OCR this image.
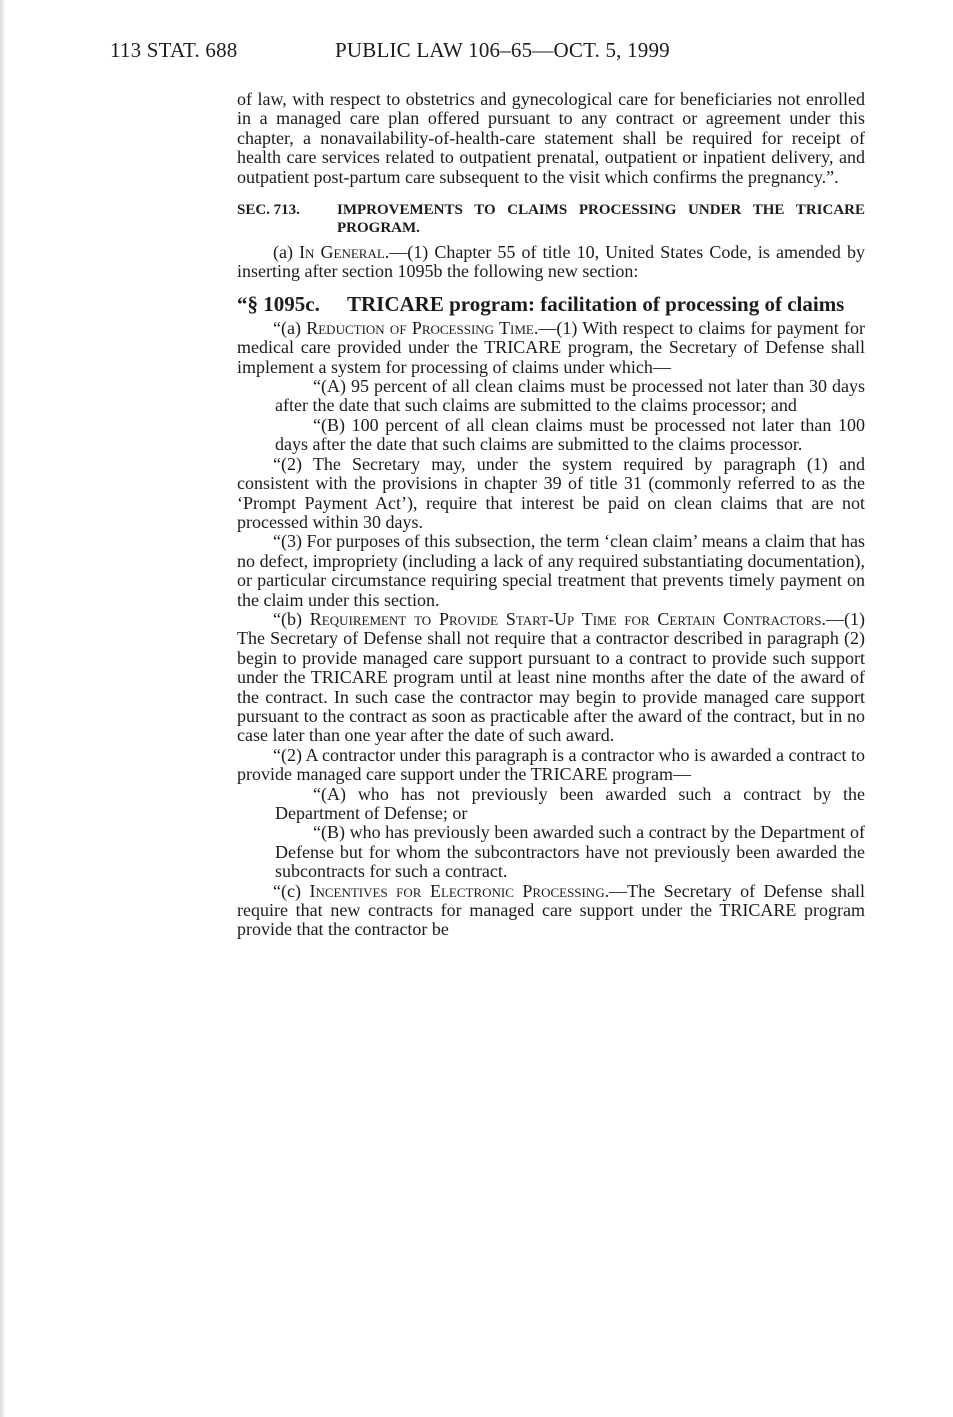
113 STAT. 688	PUBLIC LAW 106–65—OCT. 5, 1999

of law, with respect to obstetrics and gynecological care for beneficiaries not enrolled in a managed care plan offered pursuant to any contract or agreement under this chapter, a nonavailability-of-health-care statement shall be required for receipt of health care services related to outpatient prenatal, outpatient or inpatient delivery, and outpatient post-partum care subsequent to the visit which confirms the pregnancy.”.

SEC. 713. IMPROVEMENTS TO CLAIMS PROCESSING UNDER THE TRICARE PROGRAM.

(a) In General.—(1) Chapter 55 of title 10, United States Code, is amended by inserting after section 1095b the following new section:

“§ 1095c. TRICARE program: facilitation of processing of claims

“(a) Reduction of Processing Time.—(1) With respect to claims for payment for medical care provided under the TRICARE program, the Secretary of Defense shall implement a system for processing of claims under which—

“(A) 95 percent of all clean claims must be processed not later than 30 days after the date that such claims are submitted to the claims processor; and

“(B) 100 percent of all clean claims must be processed not later than 100 days after the date that such claims are submitted to the claims processor.

“(2) The Secretary may, under the system required by paragraph (1) and consistent with the provisions in chapter 39 of title 31 (commonly referred to as the ‘Prompt Payment Act’), require that interest be paid on clean claims that are not processed within 30 days.

“(3) For purposes of this subsection, the term ‘clean claim’ means a claim that has no defect, impropriety (including a lack of any required substantiating documentation), or particular circumstance requiring special treatment that prevents timely payment on the claim under this section.

“(b) Requirement to Provide Start-Up Time for Certain Contractors.—(1) The Secretary of Defense shall not require that a contractor described in paragraph (2) begin to provide managed care support pursuant to a contract to provide such support under the TRICARE program until at least nine months after the date of the award of the contract. In such case the contractor may begin to provide managed care support pursuant to the contract as soon as practicable after the award of the contract, but in no case later than one year after the date of such award.

“(2) A contractor under this paragraph is a contractor who is awarded a contract to provide managed care support under the TRICARE program—

“(A) who has not previously been awarded such a contract by the Department of Defense; or

“(B) who has previously been awarded such a contract by the Department of Defense but for whom the subcontractors have not previously been awarded the subcontracts for such a contract.

“(c) Incentives for Electronic Processing.—The Secretary of Defense shall require that new contracts for managed care support under the TRICARE program provide that the contractor be
